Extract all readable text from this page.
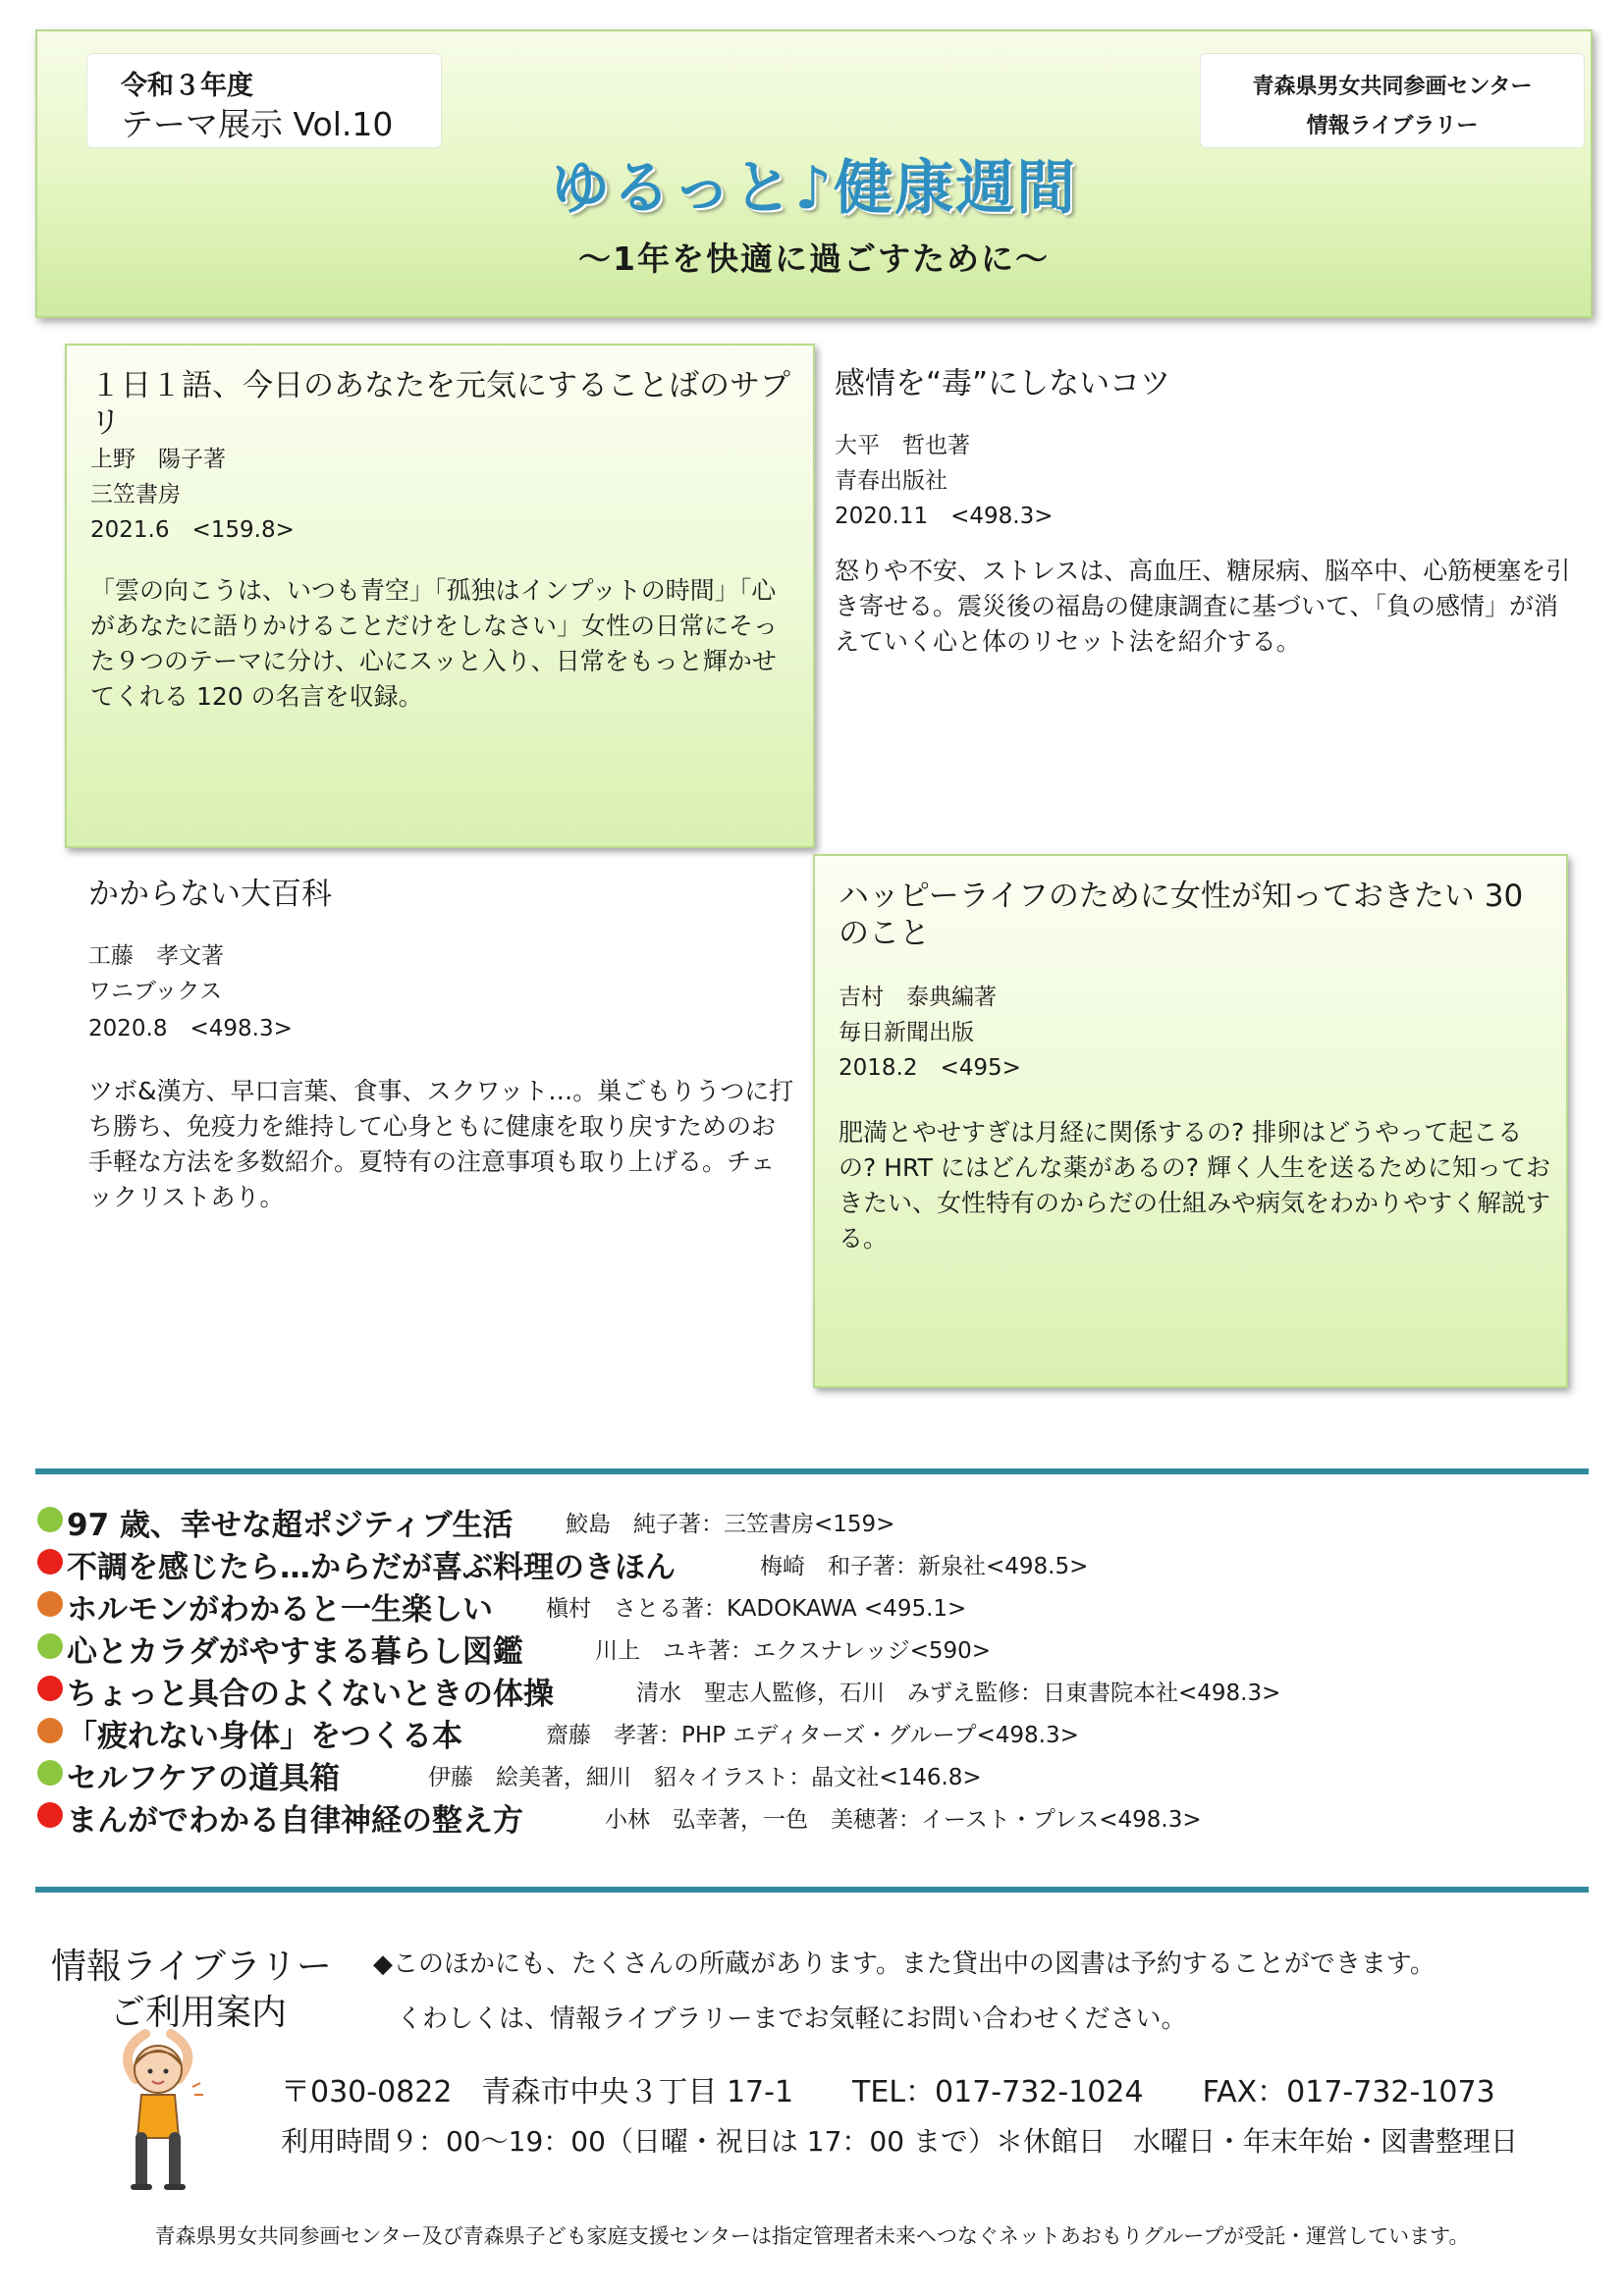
令和３年度
テーマ展示 Vol.10
青森県男女共同参画センター
情報ライブラリー
ゆるっと♪健康週間
〜1年を快適に過ごすために〜
１日１語、今日のあなたを元気にすることばのサプリ
上野　陽子著
三笠書房
2021.6　<159.8>
「雲の向こうは、いつも青空」「孤独はインプットの時間」「心があなたに語りかけることだけをしなさい」女性の日常にそった９つのテーマに分け、心にスッと入り、日常をもっと輝かせてくれる 120 の名言を収録。
感情を“毒”にしないコツ
大平　哲也著
青春出版社
2020.11　<498.3>
怒りや不安、ストレスは、高血圧、糖尿病、脳卒中、心筋梗塞を引き寄せる。震災後の福島の健康調査に基づいて、「負の感情」が消えていく心と体のリセット法を紹介する。
かからない大百科
工藤　孝文著
ワニブックス
2020.8　<498.3>
ツボ&漢方、早口言葉、食事、スクワット…。巣ごもりうつに打ち勝ち、免疫力を維持して心身ともに健康を取り戻すためのお手軽な方法を多数紹介。夏特有の注意事項も取り上げる。チェックリストあり。
ハッピーライフのために女性が知っておきたい 30 のこと
吉村　泰典編著
毎日新聞出版
2018.2　<495>
肥満とやせすぎは月経に関係するの? 排卵はどうやって起こるの? HRT にはどんな薬があるの? 輝く人生を送るために知っておきたい、女性特有のからだの仕組みや病気をわかりやすく解説する。
97 歳、幸せな超ポジティブ生活 鮫島　純子著：三笠書房<159>
不調を感じたら…からだが喜ぶ料理のきほん	梅崎　和子著：新泉社<498.5>
ホルモンがわかると一生楽しい 槇村　さとる著：KADOKAWA <495.1>
心とカラダがやすまる暮らし図鑑	川上　ユキ著：エクスナレッジ<590>
ちょっと具合のよくないときの体操	清水　聖志人監修，石川　みずえ監修：日東書院本社<498.3>
「疲れない身体」をつくる本	齋藤　孝著：PHP エディターズ・グループ<498.3>
セルフケアの道具箱	伊藤　絵美著，細川　貂々イラスト：晶文社<146.8>
まんがでわかる自律神経の整え方	小林　弘幸著，一色　美穂著：イースト・プレス<498.3>
情報ライブラリー
ご利用案内
◆このほかにも、たくさんの所蔵があります。また貸出中の図書は予約することができます。
くわしくは、情報ライブラリーまでお気軽にお問い合わせください。
〒030-0822　青森市中央３丁目 17-1　　TEL：017-732-1024　　FAX：017-732-1073
利用時間９：00〜19：00（日曜・祝日は 17：00 まで）＊休館日　水曜日・年末年始・図書整理日
青森県男女共同参画センター及び青森県子ども家庭支援センターは指定管理者未来へつなぐネットあおもりグループが受託・運営しています。
